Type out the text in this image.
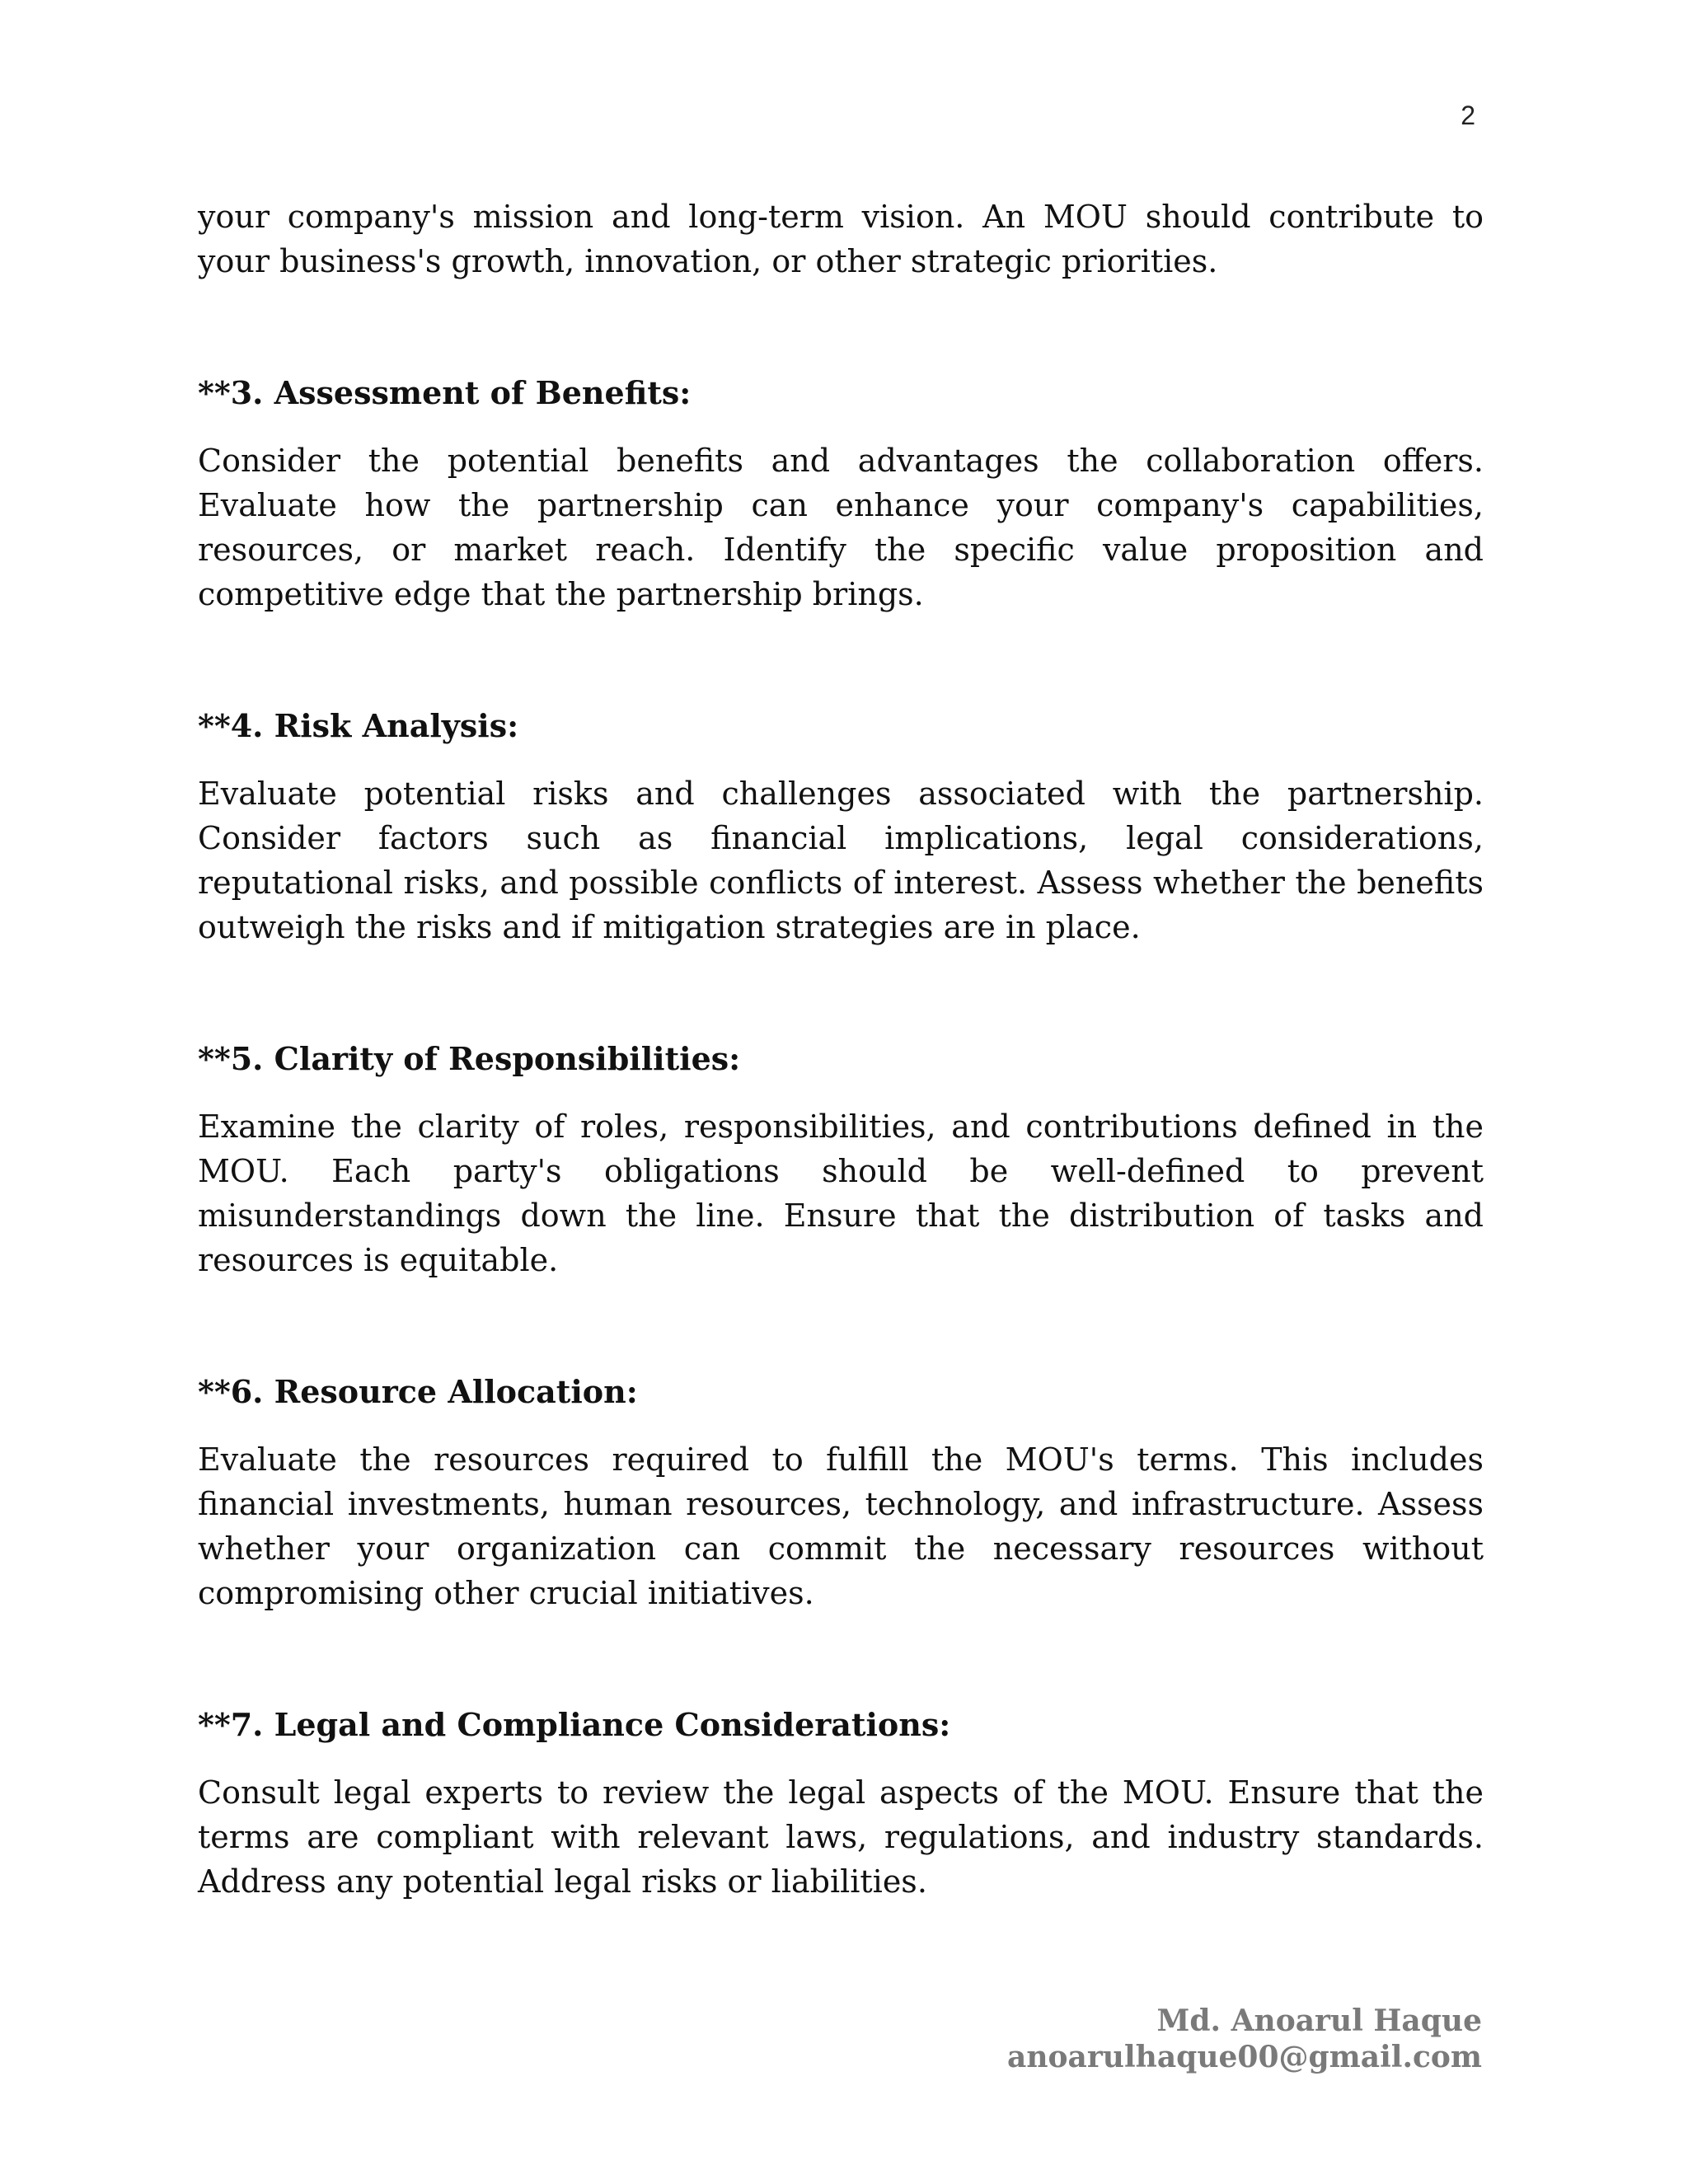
2

your company's mission and long-term vision. An MOU should contribute to your business's growth, innovation, or other strategic priorities.

**3. Assessment of Benefits:

Consider the potential benefits and advantages the collaboration offers. Evaluate how the partnership can enhance your company's capabilities, resources, or market reach. Identify the specific value proposition and competitive edge that the partnership brings.

**4. Risk Analysis:

Evaluate potential risks and challenges associated with the partnership. Consider factors such as financial implications, legal considerations, reputational risks, and possible conflicts of interest. Assess whether the benefits outweigh the risks and if mitigation strategies are in place.

**5. Clarity of Responsibilities:

Examine the clarity of roles, responsibilities, and contributions defined in the MOU. Each party's obligations should be well-defined to prevent misunderstandings down the line. Ensure that the distribution of tasks and resources is equitable.

**6. Resource Allocation:

Evaluate the resources required to fulfill the MOU's terms. This includes financial investments, human resources, technology, and infrastructure. Assess whether your organization can commit the necessary resources without compromising other crucial initiatives.

**7. Legal and Compliance Considerations:

Consult legal experts to review the legal aspects of the MOU. Ensure that the terms are compliant with relevant laws, regulations, and industry standards. Address any potential legal risks or liabilities.

Md. Anoarul Haque
anoarulhaque00@gmail.com
